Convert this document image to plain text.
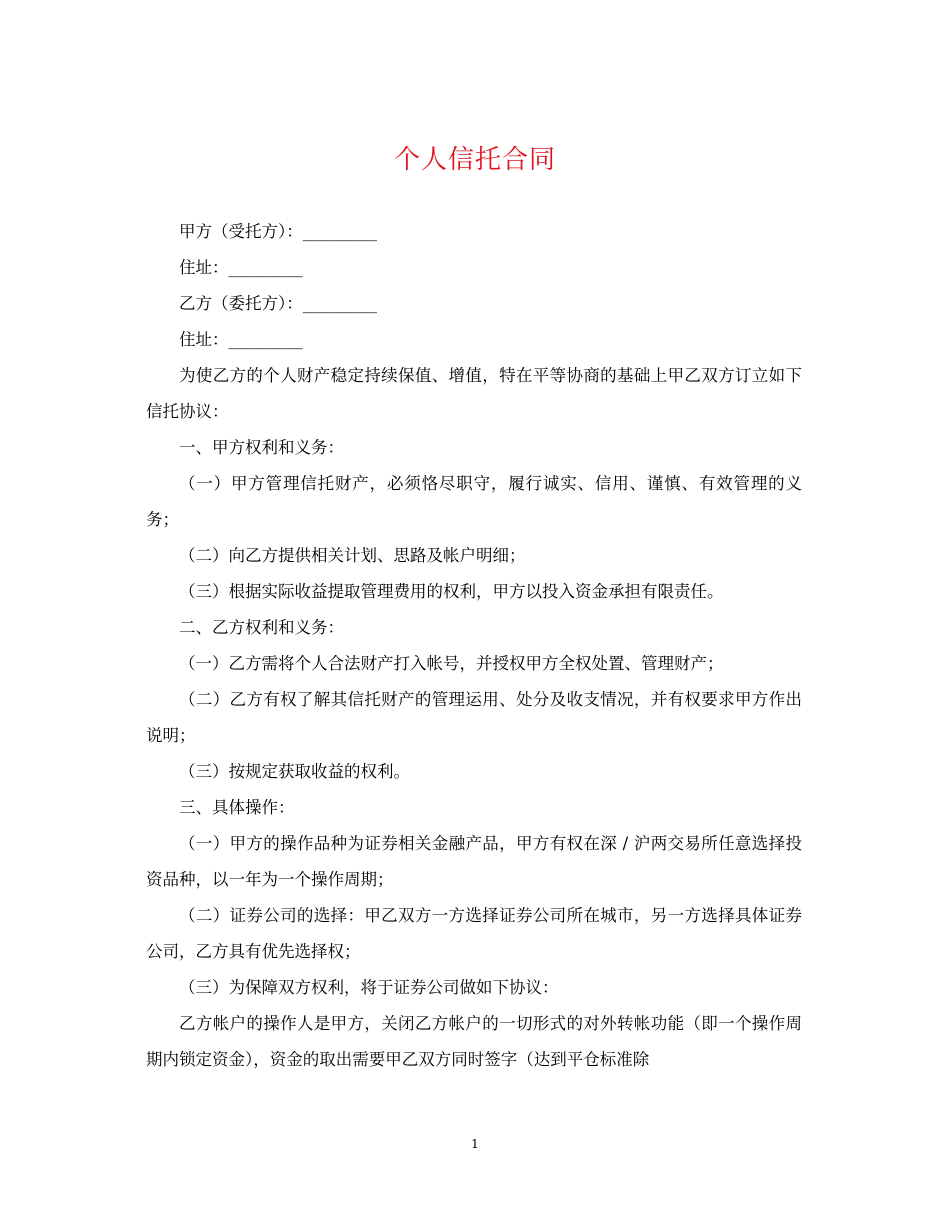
个人信托合同

甲方（受托方）：_________

住址：_________

乙方（委托方）：_________

住址：_________

为使乙方的个人财产稳定持续保值、增值，特在平等协商的基础上甲乙双方订立如下信托协议：

一、甲方权利和义务：

（一）甲方管理信托财产，必须恪尽职守，履行诚实、信用、谨慎、有效管理的义务；

（二）向乙方提供相关计划、思路及帐户明细；

（三）根据实际收益提取管理费用的权利，甲方以投入资金承担有限责任。

二、乙方权利和义务：

（一）乙方需将个人合法财产打入帐号，并授权甲方全权处置、管理财产；

（二）乙方有权了解其信托财产的管理运用、处分及收支情况，并有权要求甲方作出说明；

（三）按规定获取收益的权利。

三、具体操作：

（一）甲方的操作品种为证券相关金融产品，甲方有权在深 / 沪两交易所任意选择投资品种，以一年为一个操作周期；

（二）证券公司的选择：甲乙双方一方选择证券公司所在城市，另一方选择具体证券公司，乙方具有优先选择权；

（三）为保障双方权利，将于证券公司做如下协议：

乙方帐户的操作人是甲方，关闭乙方帐户的一切形式的对外转帐功能（即一个操作周期内锁定资金），资金的取出需要甲乙双方同时签字（达到平仓标准除

1
